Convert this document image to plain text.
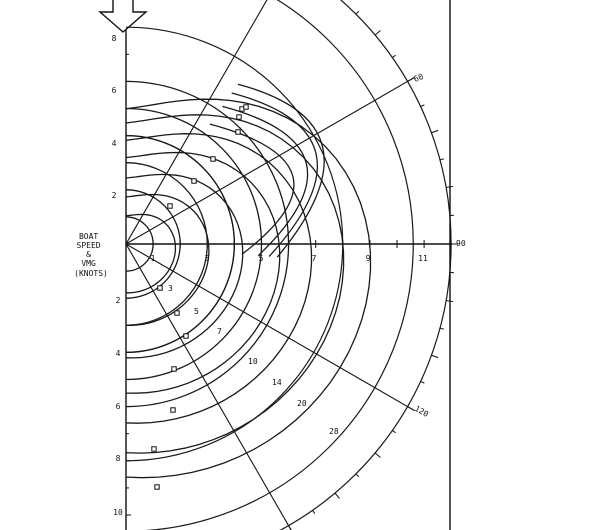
BOAT SPEED & VMG (KNOTS)
8
6
4
2
2
4
6
8
10
1	3	5	7	9	11
60
90
120
3
5
7
10
14
20
28
